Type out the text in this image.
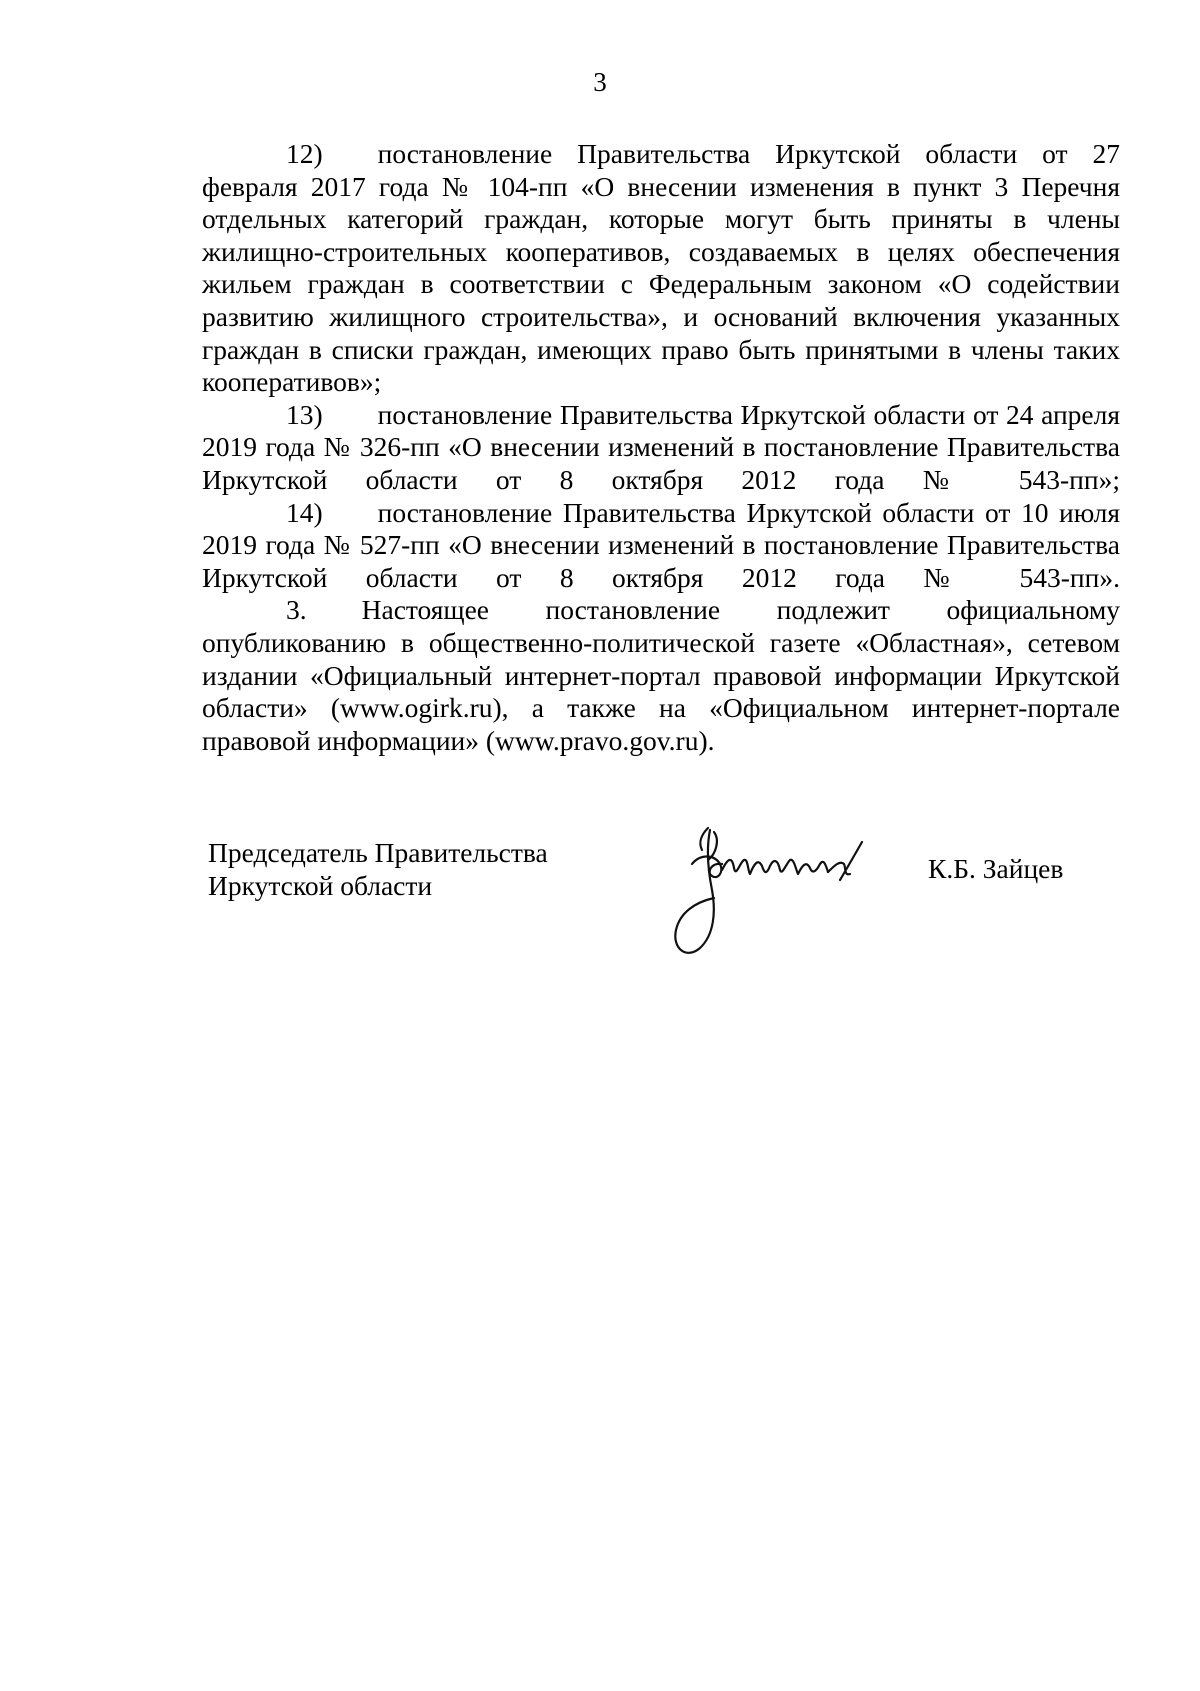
3

12)  постановление Правительства Иркутской области от 27 февраля 2017 года № 104-пп «О внесении изменения в пункт 3 Перечня отдельных категорий граждан, которые могут быть приняты в члены жилищно-строительных кооперативов, создаваемых в целях обеспечения жильем граждан в соответствии с Федеральным законом «О содействии развитию жилищного строительства», и оснований включения указанных граждан в списки граждан, имеющих право быть принятыми в члены таких кооперативов»;

13)  постановление Правительства Иркутской области от 24 апреля 2019 года № 326-пп «О внесении изменений в постановление Правительства Иркутской области от 8 октября 2012 года № 543-пп»;

14)  постановление Правительства Иркутской области от 10 июля 2019 года № 527-пп «О внесении изменений в постановление Правительства Иркутской области от 8 октября 2012 года № 543-пп».

3.  Настоящее постановление подлежит официальному опубликованию в общественно-политической газете «Областная», сетевом издании «Официальный интернет-портал правовой информации Иркутской области» (www.ogirk.ru), а также на «Официальном интернет-портале правовой информации» (www.pravo.gov.ru).

Председатель Правительства
Иркутской области
К.Б. Зайцев
